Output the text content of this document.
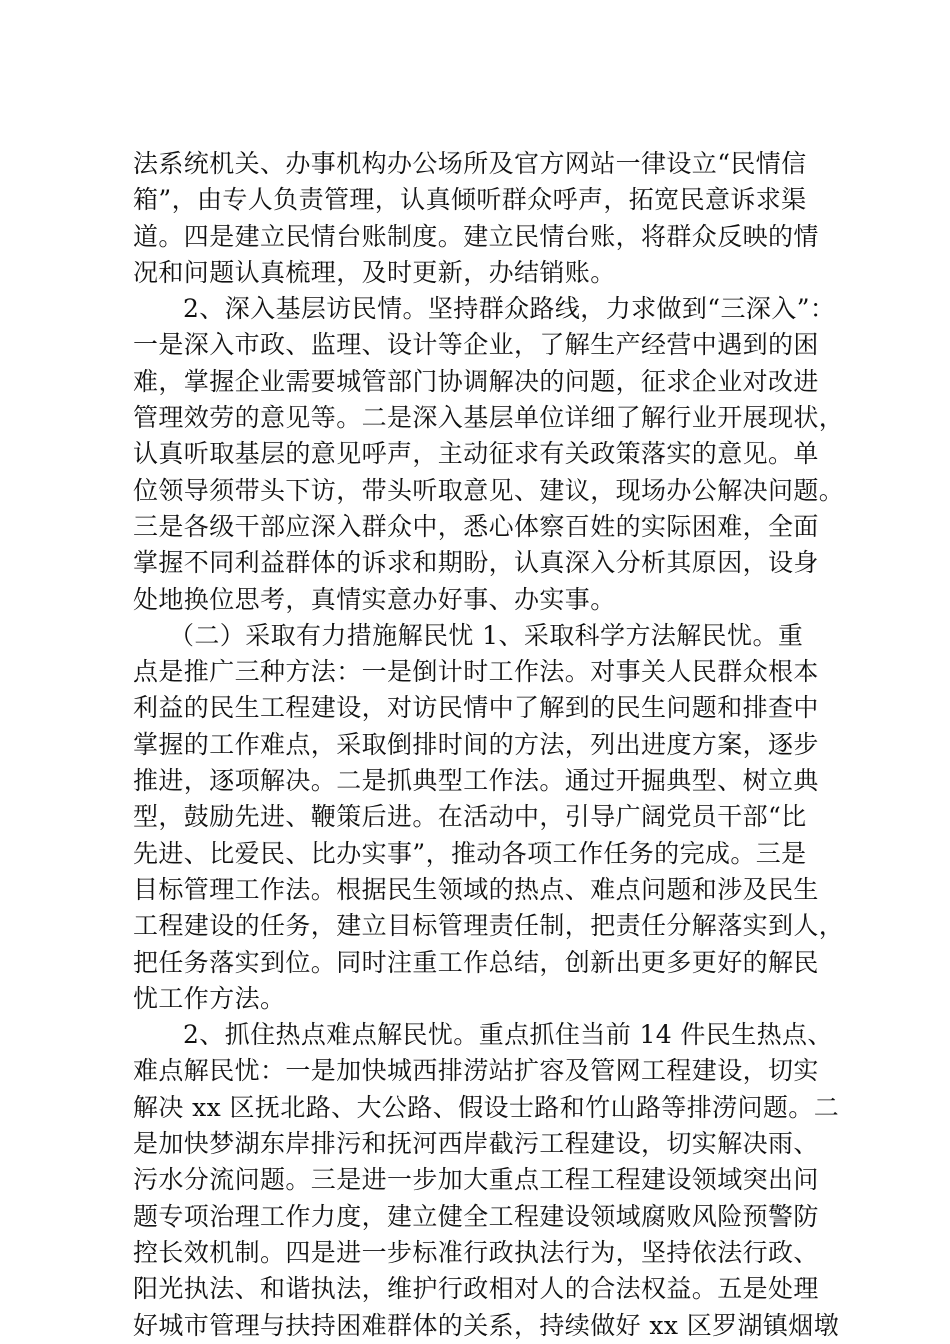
法系统机关、办事机构办公场所及官方网站一律设立“民情信
箱”，由专人负责管理，认真倾听群众呼声，拓宽民意诉求渠
道。四是建立民情台账制度。建立民情台账，将群众反映的情
况和问题认真梳理，及时更新，办结销账。
2、深入基层访民情。坚持群众路线，力求做到“三深入”：
一是深入市政、监理、设计等企业，了解生产经营中遇到的困
难，掌握企业需要城管部门协调解决的问题，征求企业对改进
管理效劳的意见等。二是深入基层单位详细了解行业开展现状，
认真听取基层的意见呼声，主动征求有关政策落实的意见。单
位领导须带头下访，带头听取意见、建议，现场办公解决问题。
三是各级干部应深入群众中，悉心体察百姓的实际困难，全面
掌握不同利益群体的诉求和期盼，认真深入分析其原因，设身
处地换位思考，真情实意办好事、办实事。
（二）采取有力措施解民忧 1、采取科学方法解民忧。重
点是推广三种方法：一是倒计时工作法。对事关人民群众根本
利益的民生工程建设，对访民情中了解到的民生问题和排查中
掌握的工作难点，采取倒排时间的方法，列出进度方案，逐步
推进，逐项解决。二是抓典型工作法。通过开掘典型、树立典
型，鼓励先进、鞭策后进。在活动中，引导广阔党员干部“比
先进、比爱民、比办实事”，推动各项工作任务的完成。三是
目标管理工作法。根据民生领域的热点、难点问题和涉及民生
工程建设的任务，建立目标管理责任制，把责任分解落实到人，
把任务落实到位。同时注重工作总结，创新出更多更好的解民
忧工作方法。
2、抓住热点难点解民忧。重点抓住当前 14 件民生热点、
难点解民忧：一是加快城西排涝站扩容及管网工程建设，切实
解决 xx 区抚北路、大公路、假设士路和竹山路等排涝问题。二
是加快梦湖东岸排污和抚河西岸截污工程建设，切实解决雨、
污水分流问题。三是进一步加大重点工程工程建设领域突出问
题专项治理工作力度，建立健全工程建设领域腐败风险预警防
控长效机制。四是进一步标准行政执法行为，坚持依法行政、
阳光执法、和谐执法，维护行政相对人的合法权益。五是处理
好城市管理与扶持困难群体的关系，持续做好 xx 区罗湖镇烟墩
